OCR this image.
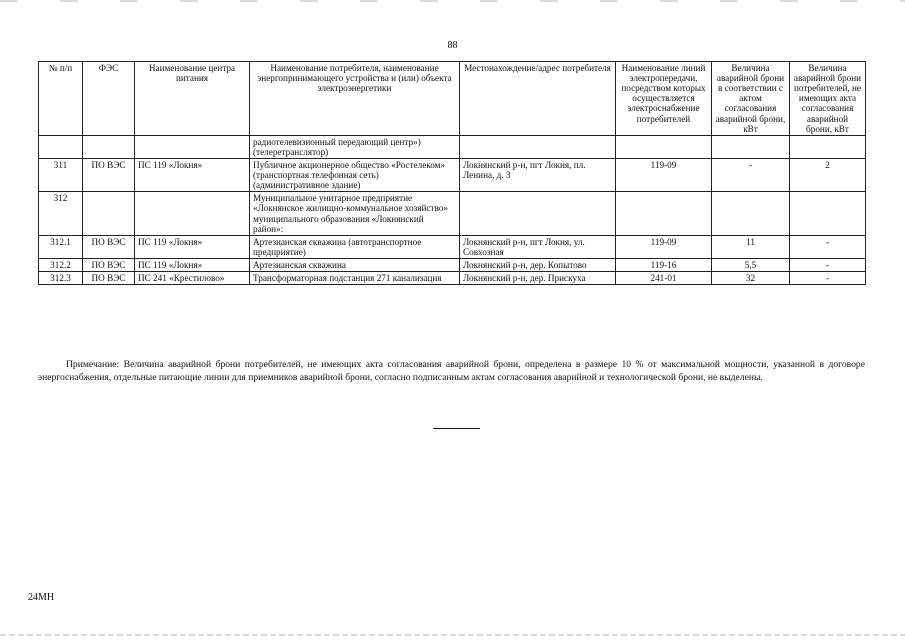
88
№ п/п	ФЭС	Наименование центра питания	Наименование потребителя, наименование энергопринимающего устройства и (или) объекта электроэнергетики	Местонахождение/адрес потребителя	Наименование линий электропередачи, посредством которых осуществляется электроснабжение потребителей	Величина аварийной брони в соответствии с актом согласования аварийной брони, кВт	Величина аварийной брони потребителей, не имеющих акта согласования аварийной брони, кВт
			радиотелевизионный передающий центр») (телеретранслятор)				
311	ПО ВЭС	ПС 119 «Локня»	Публичное акционерное общество «Ростелеком» (транспортная телефонная сеть) (административное здание)	Локнянский р-н, пгт Локня, пл. Ленина, д. 3	119-09	-	2
312			Муниципальное унитарное предприятие «Локнянское жилищно-коммунальное хозяйство» муниципального образования «Локнянский район»:				
312.1	ПО ВЭС	ПС 119 «Локня»	Артезианская скважина (автотранспортное предприятие)	Локнянский р-н, пгт Локня, ул. Совхозная	119-09	11	-
312.2	ПО ВЭС	ПС 119 «Локня»	Артезианская скважина	Локнянский р-н, дер. Копытово	119-16	5,5	-
312.3	ПО ВЭС	ПС 241 «Крестилово»	Трансформаторная подстанция 271 канализация	Локнянский р-н, дер. Прискуха	241-01	32	-
Примечание: Величина аварийной брони потребителей, не имеющих акта согласования аварийной брони, определена в размере 10 % от максимальной мощности, указанной в договоре энергоснабжения, отдельные питающие линии для приемников аварийной брони, согласно подписанным актам согласования аварийной и технологической брони, не выделены.
24МН
